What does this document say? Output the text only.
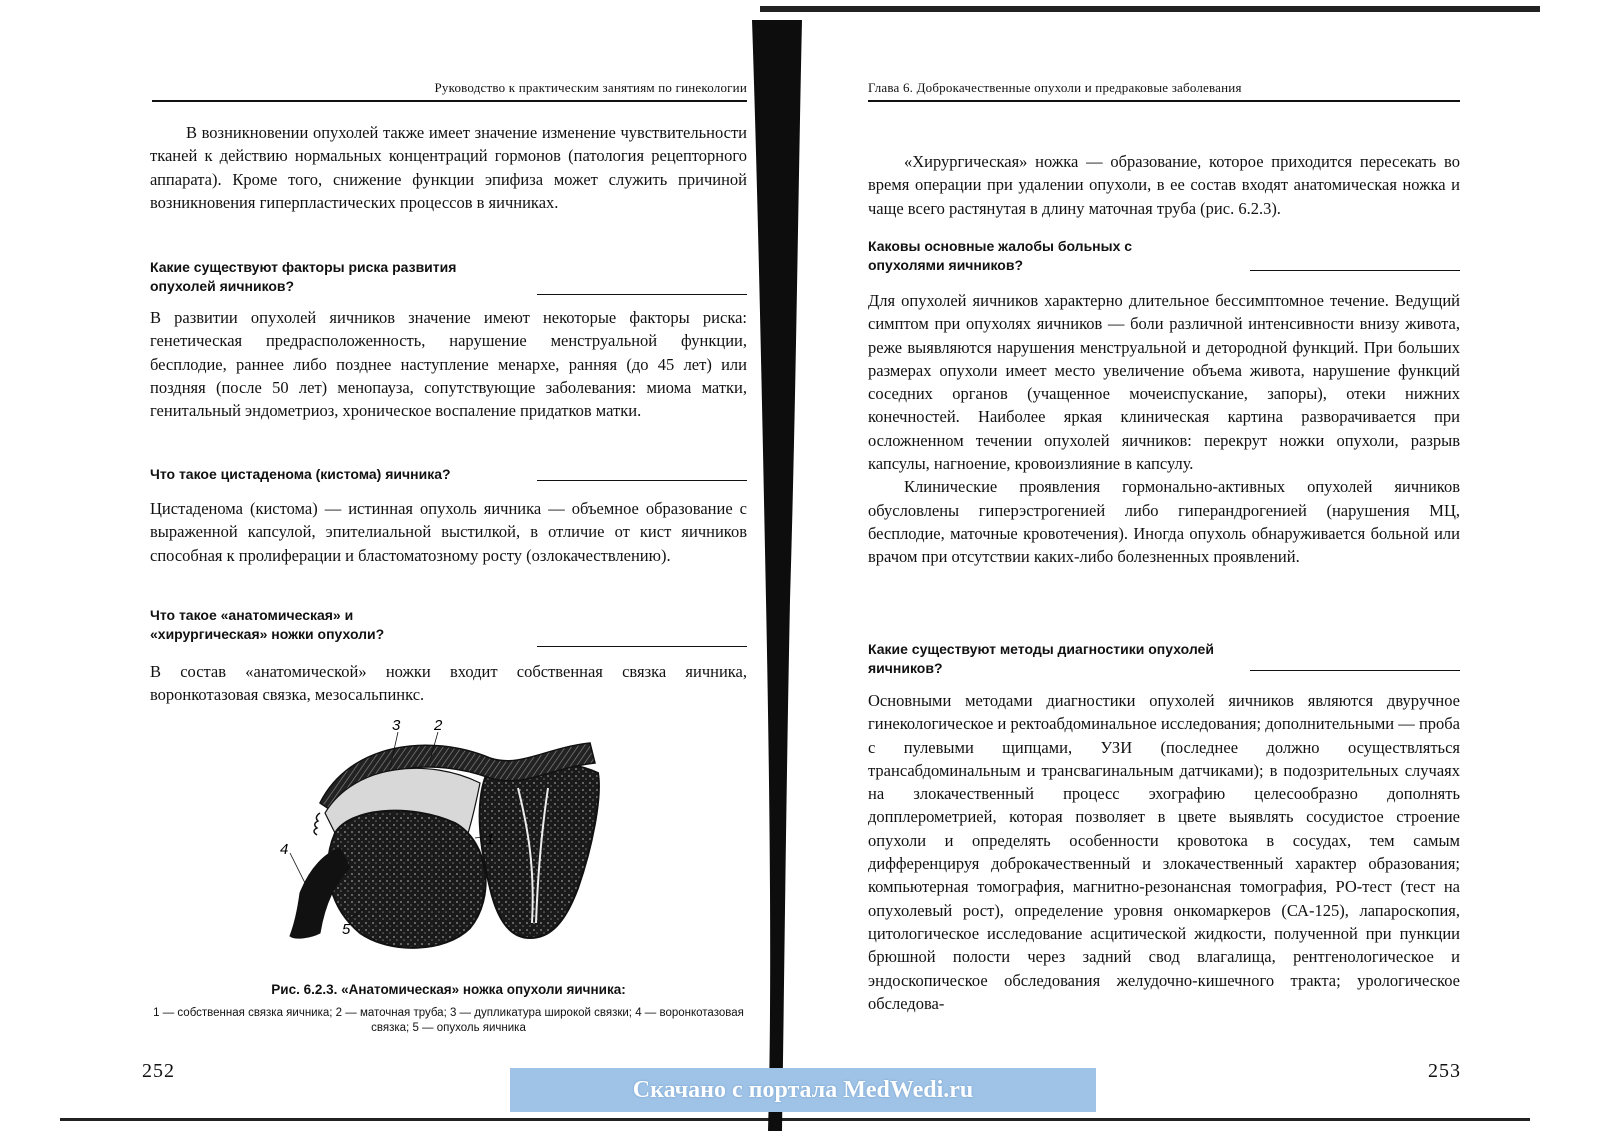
Руководство к практическим занятиям по гинекологии

В возникновении опухолей также имеет значение изменение чувствительности тканей к действию нормальных концентраций гормонов (патология рецепторного аппарата). Кроме того, снижение функции эпифиза может служить причиной возникновения гиперпластических процессов в яичниках.

Какие существуют факторы риска развития опухолей яичников?

В развитии опухолей яичников значение имеют некоторые факторы риска: генетическая предрасположенность, нарушение менструальной функции, бесплодие, раннее либо позднее наступление менархе, ранняя (до 45 лет) или поздняя (после 50 лет) менопауза, сопутствующие заболевания: миома матки, генитальный эндометриоз, хроническое воспаление придатков матки.

Что такое цистаденома (кистома) яичника?

Цистаденома (кистома) — истинная опухоль яичника — объемное образование с выраженной капсулой, эпителиальной выстилкой, в отличие от кист яичников способная к пролиферации и бластоматозному росту (озлокачествлению).

Что такое «анатомическая» и «хирургическая» ножки опухоли?

В состав «анатомической» ножки входит собственная связка яичника, воронкотазовая связка, мезосальпинкс.

3 2
1
4
5
Рис. 6.2.3. «Анатомическая» ножка опухоли яичника:
1 — собственная связка яичника; 2 — маточная труба; 3 — дупликатура широкой связки; 4 — воронкотазовая связка; 5 — опухоль яичника
252
Глава 6. Доброкачественные опухоли и предраковые заболевания

«Хирургическая» ножка — образование, которое приходится пересекать во время операции при удалении опухоли, в ее состав входят анатомическая ножка и чаще всего растянутая в длину маточная труба (рис. 6.2.3).

Каковы основные жалобы больных с опухолями яичников?

Для опухолей яичников характерно длительное бессимптомное течение. Ведущий симптом при опухолях яичников — боли различной интенсивности внизу живота, реже выявляются нарушения менструальной и детородной функций. При больших размерах опухоли имеет место увеличение объема живота, нарушение функций соседних органов (учащенное мочеиспускание, запоры), отеки нижних конечностей. Наиболее яркая клиническая картина разворачивается при осложненном течении опухолей яичников: перекрут ножки опухоли, разрыв капсулы, нагноение, кровоизлияние в капсулу.

Клинические проявления гормонально-активных опухолей яичников обусловлены гиперэстрогенией либо гиперандрогенией (нарушения МЦ, бесплодие, маточные кровотечения). Иногда опухоль обнаруживается больной или врачом при отсутствии каких-либо болезненных проявлений.

Какие существуют методы диагностики опухолей яичников?

Основными методами диагностики опухолей яичников являются двуручное гинекологическое и ректоабдоминальное исследования; дополнительными — проба с пулевыми щипцами, УЗИ (последнее должно осуществляться трансабдоминальным и трансвагинальным датчиками); в подозрительных случаях на злокачественный процесс эхографию целесообразно дополнять допплерометрией, которая позволяет в цвете выявлять сосудистое строение опухоли и определять особенности кровотока в сосудах, тем самым дифференцируя доброкачественный и злокачественный характер образования; компьютерная томография, магнитно-резонансная томография, РО-тест (тест на опухолевый рост), определение уровня онкомаркеров (СА-125), лапароскопия, цитологическое исследование асцитической жидкости, полученной при пункции брюшной полости через задний свод влагалища, рентгенологическое и эндоскопическое обследования желудочно-кишечного тракта; урологическое обследова-

253
Скачано с портала MedWedi.ru
